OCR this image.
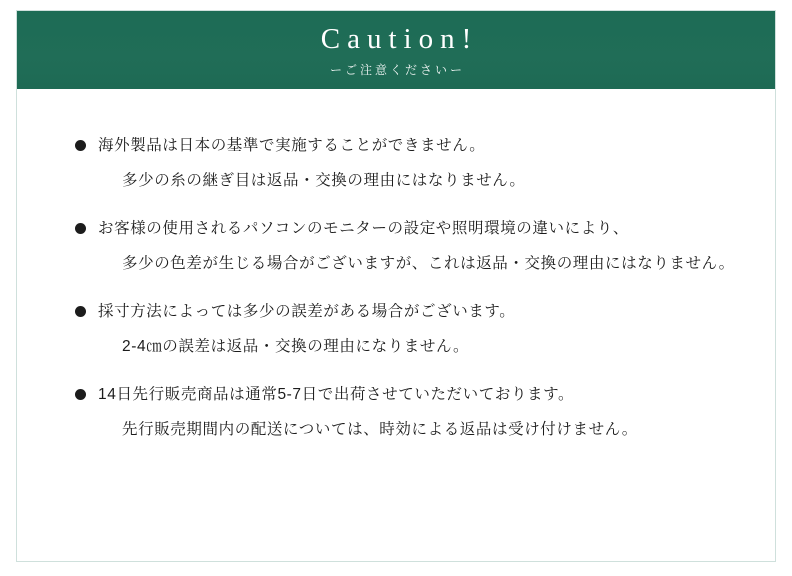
Caution!
ーご注意くださいー
海外製品は日本の基準で実施することができません。
多少の糸の継ぎ目は返品・交換の理由にはなりません。
お客様の使用されるパソコンのモニターの設定や照明環境の違いにより、
多少の色差が生じる場合がございますが、これは返品・交換の理由にはなりません。
採寸方法によっては多少の誤差がある場合がございます。
2-4㎝の誤差は返品・交換の理由になりません。
14日先行販売商品は通常5-7日で出荷させていただいております。
先行販売期間内の配送については、時効による返品は受け付けません。
